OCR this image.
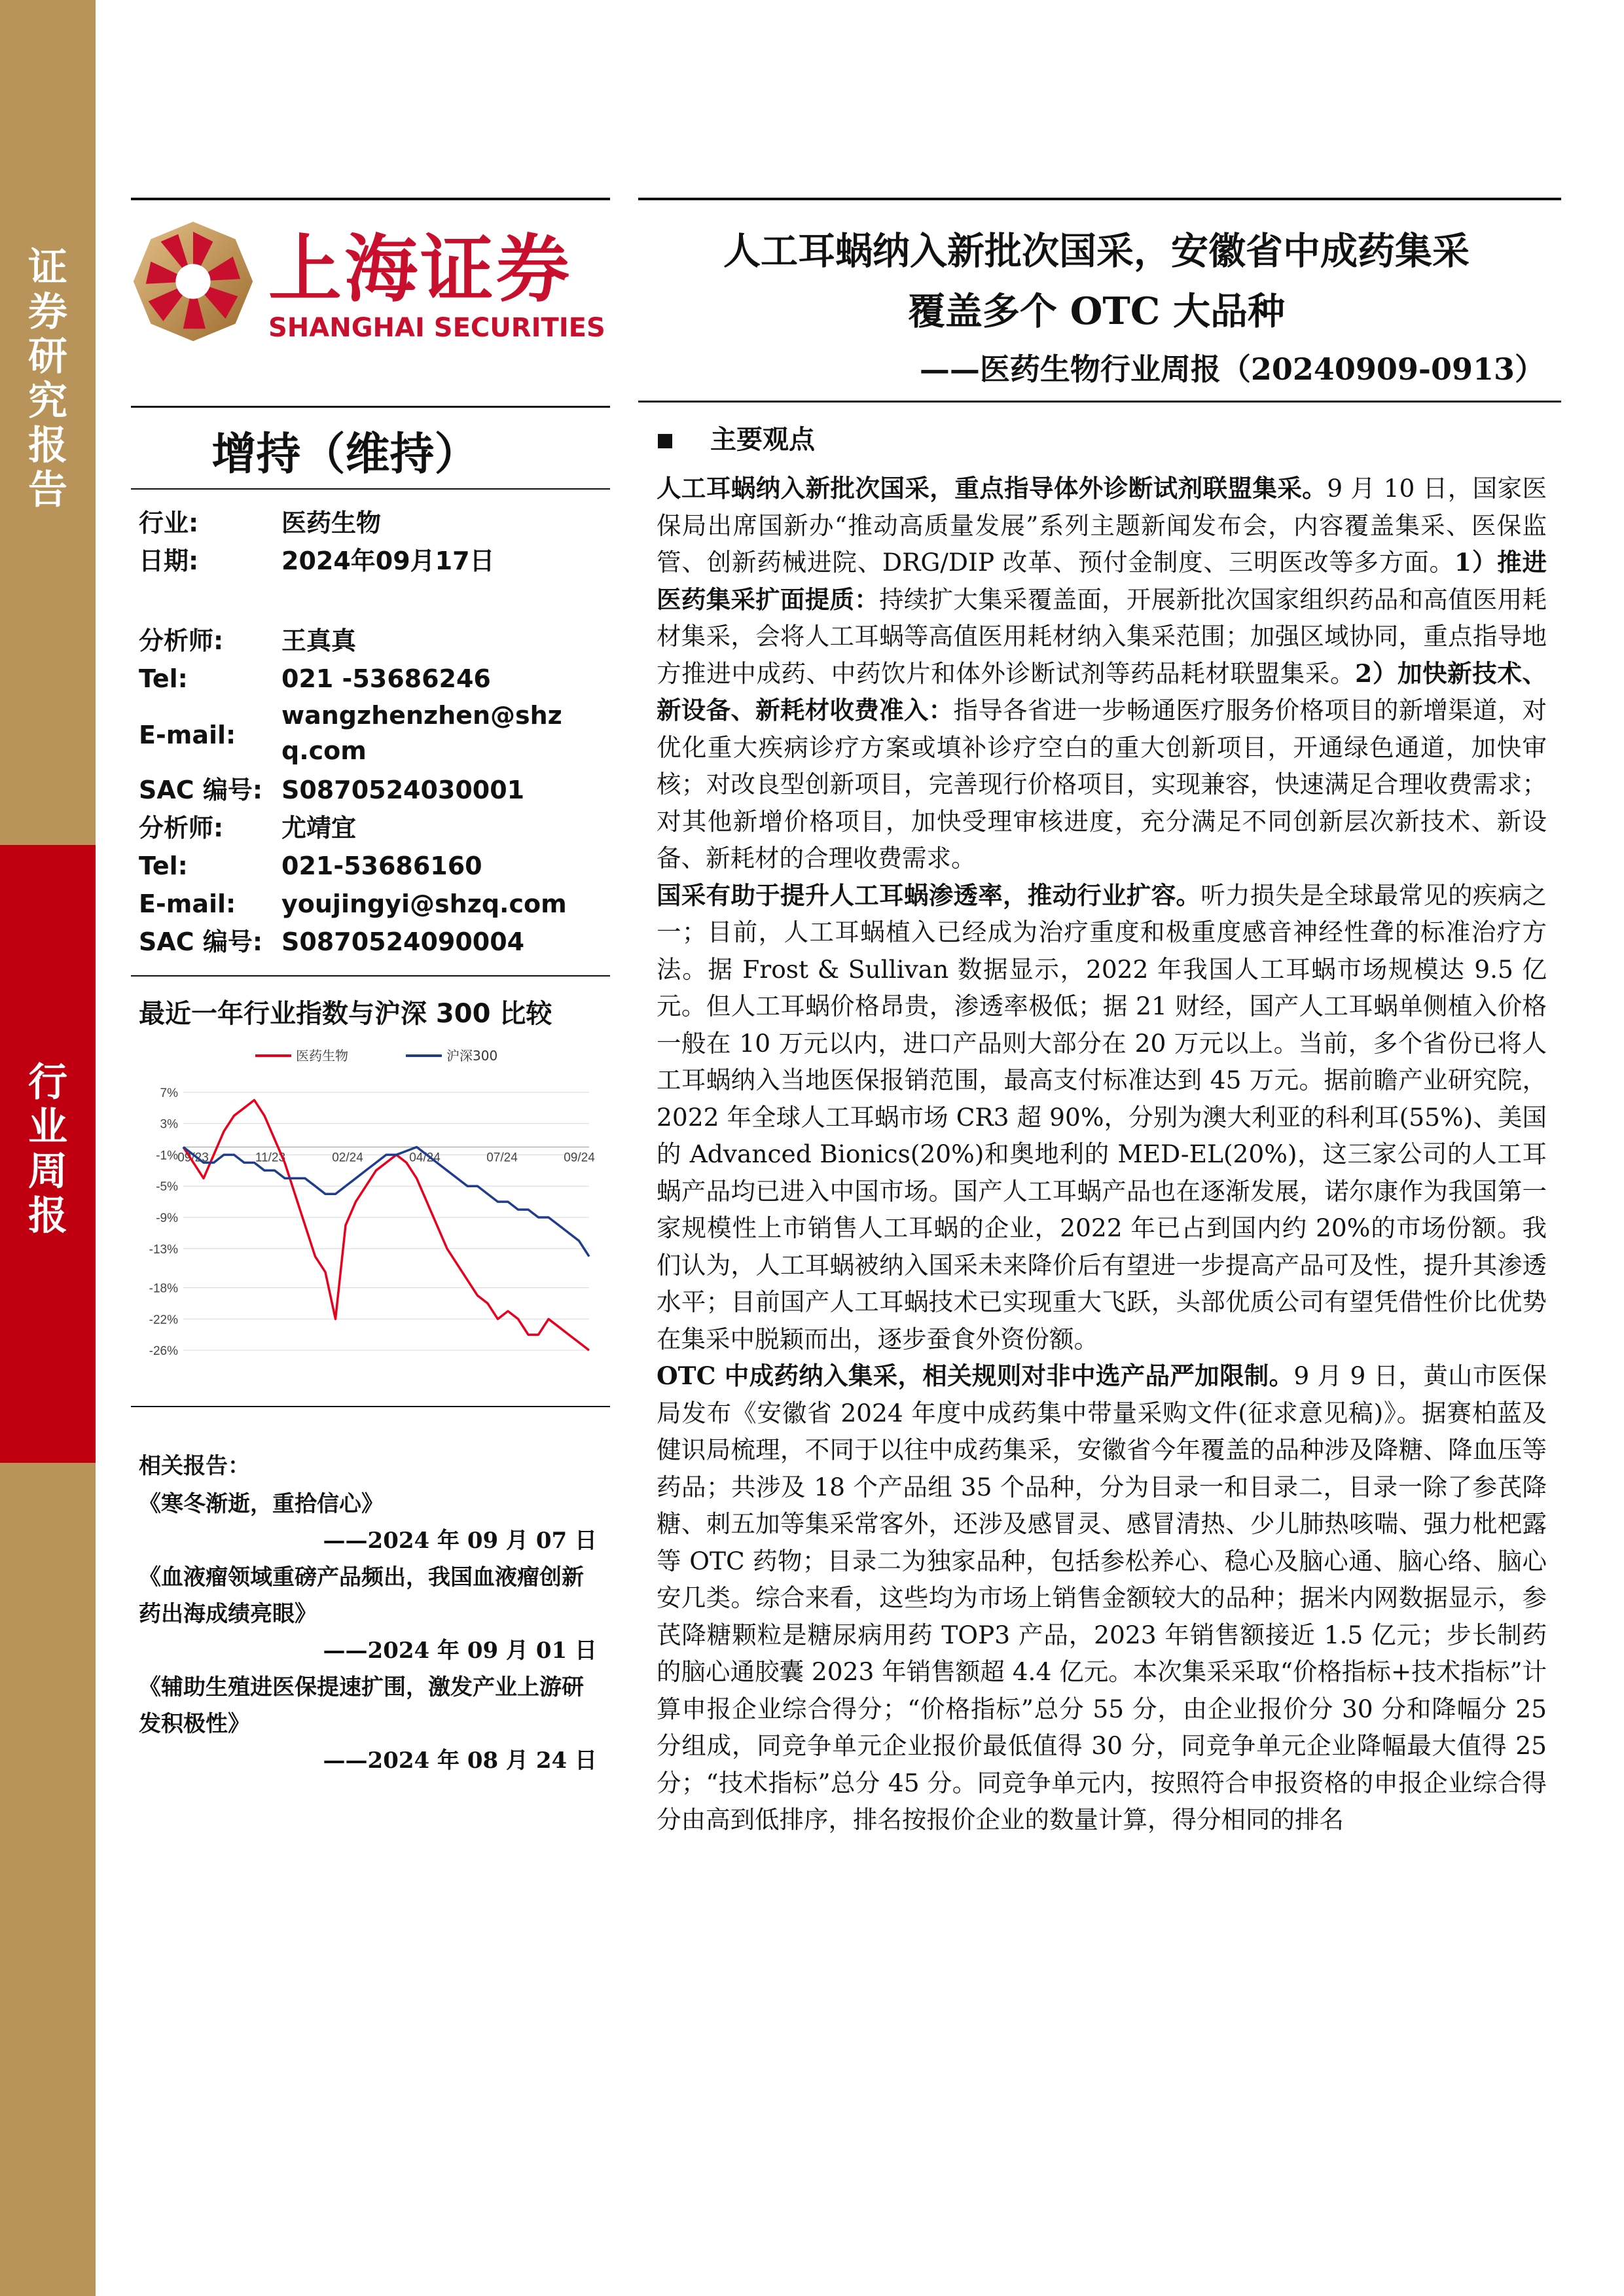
证
券
研
究
报
告
行
业
周
报
上海证券
SHANGHAI SECURITIES
人工耳蜗纳入新批次国采，安徽省中成药集采
覆盖多个 OTC 大品种
——医药生物行业周报（20240909-0913）
增持（维持）
行业:	医药生物
日期:	2024年09月17日
分析师: 王真真
Tel:	021 -53686246
E-mail:
wangzhenzhen@shzq.com
SAC 编号: S0870524030001
分析师: 尤靖宜
Tel:	021-53686160
E-mail: youjingyi@shzq.com
SAC 编号: S0870524090004
最近一年行业指数与沪深 300 比较
7%
3%
-1%
-5%
-9%
-13%
-18%
-22%
-26%
09/23	11/23	02/24	04/24	07/24	09/24
医药生物	沪深300
相关报告：
《寒冬渐逝，重拾信心》
——2024 年 09 月 07 日
《血液瘤领域重磅产品频出，我国血液瘤创新药出海成绩亮眼》
——2024 年 09 月 01 日
《辅助生殖进医保提速扩围，激发产业上游研发积极性》
——2024 年 08 月 24 日
主要观点

人工耳蜗纳入新批次国采，重点指导体外诊断试剂联盟集采。9 月 10 日，国家医保局出席国新办“推动高质量发展”系列主题新闻发布会，内容覆盖集采、医保监管、创新药械进院、DRG/DIP 改革、预付金制度、三明医改等多方面。1）推进医药集采扩面提质：持续扩大集采覆盖面，开展新批次国家组织药品和高值医用耗材集采，会将人工耳蜗等高值医用耗材纳入集采范围；加强区域协同，重点指导地方推进中成药、中药饮片和体外诊断试剂等药品耗材联盟集采。2）加快新技术、新设备、新耗材收费准入：指导各省进一步畅通医疗服务价格项目的新增渠道，对优化重大疾病诊疗方案或填补诊疗空白的重大创新项目，开通绿色通道，加快审核；对改良型创新项目，完善现行价格项目，实现兼容，快速满足合理收费需求；对其他新增价格项目，加快受理审核进度，充分满足不同创新层次新技术、新设备、新耗材的合理收费需求。

国采有助于提升人工耳蜗渗透率，推动行业扩容。听力损失是全球最常见的疾病之一；目前，人工耳蜗植入已经成为治疗重度和极重度感音神经性聋的标准治疗方法。据 Frost & Sullivan 数据显示，2022 年我国人工耳蜗市场规模达 9.5 亿元。但人工耳蜗价格昂贵，渗透率极低；据 21 财经，国产人工耳蜗单侧植入价格一般在 10 万元以内，进口产品则大部分在 20 万元以上。当前，多个省份已将人工耳蜗纳入当地医保报销范围，最高支付标准达到 45 万元。据前瞻产业研究院，2022 年全球人工耳蜗市场 CR3 超 90%，分别为澳大利亚的科利耳(55%)、美国的 Advanced Bionics(20%)和奥地利的 MED-EL(20%)，这三家公司的人工耳蜗产品均已进入中国市场。国产人工耳蜗产品也在逐渐发展，诺尔康作为我国第一家规模性上市销售人工耳蜗的企业，2022 年已占到国内约 20%的市场份额。我们认为，人工耳蜗被纳入国采未来降价后有望进一步提高产品可及性，提升其渗透水平；目前国产人工耳蜗技术已实现重大飞跃，头部优质公司有望凭借性价比优势在集采中脱颖而出，逐步蚕食外资份额。

OTC 中成药纳入集采，相关规则对非中选产品严加限制。9 月 9 日，黄山市医保局发布《安徽省 2024 年度中成药集中带量采购文件(征求意见稿)》。据赛柏蓝及健识局梳理，不同于以往中成药集采，安徽省今年覆盖的品种涉及降糖、降血压等药品；共涉及 18 个产品组 35 个品种，分为目录一和目录二，目录一除了参芪降糖、刺五加等集采常客外，还涉及感冒灵、感冒清热、少儿肺热咳喘、强力枇杷露等 OTC 药物；目录二为独家品种，包括参松养心、稳心及脑心通、脑心络、脑心安几类。综合来看，这些均为市场上销售金额较大的品种；据米内网数据显示，参芪降糖颗粒是糖尿病用药 TOP3 产品，2023 年销售额接近 1.5 亿元；步长制药的脑心通胶囊 2023 年销售额超 4.4 亿元。本次集采采取“价格指标+技术指标”计算申报企业综合得分；“价格指标”总分 55 分，由企业报价分 30 分和降幅分 25 分组成，同竞争单元企业报价最低值得 30 分，同竞争单元企业降幅最大值得 25 分；“技术指标”总分 45 分。同竞争单元内，按照符合申报资格的申报企业综合得分由高到低排序，排名按报价企业的数量计算，得分相同的排名
